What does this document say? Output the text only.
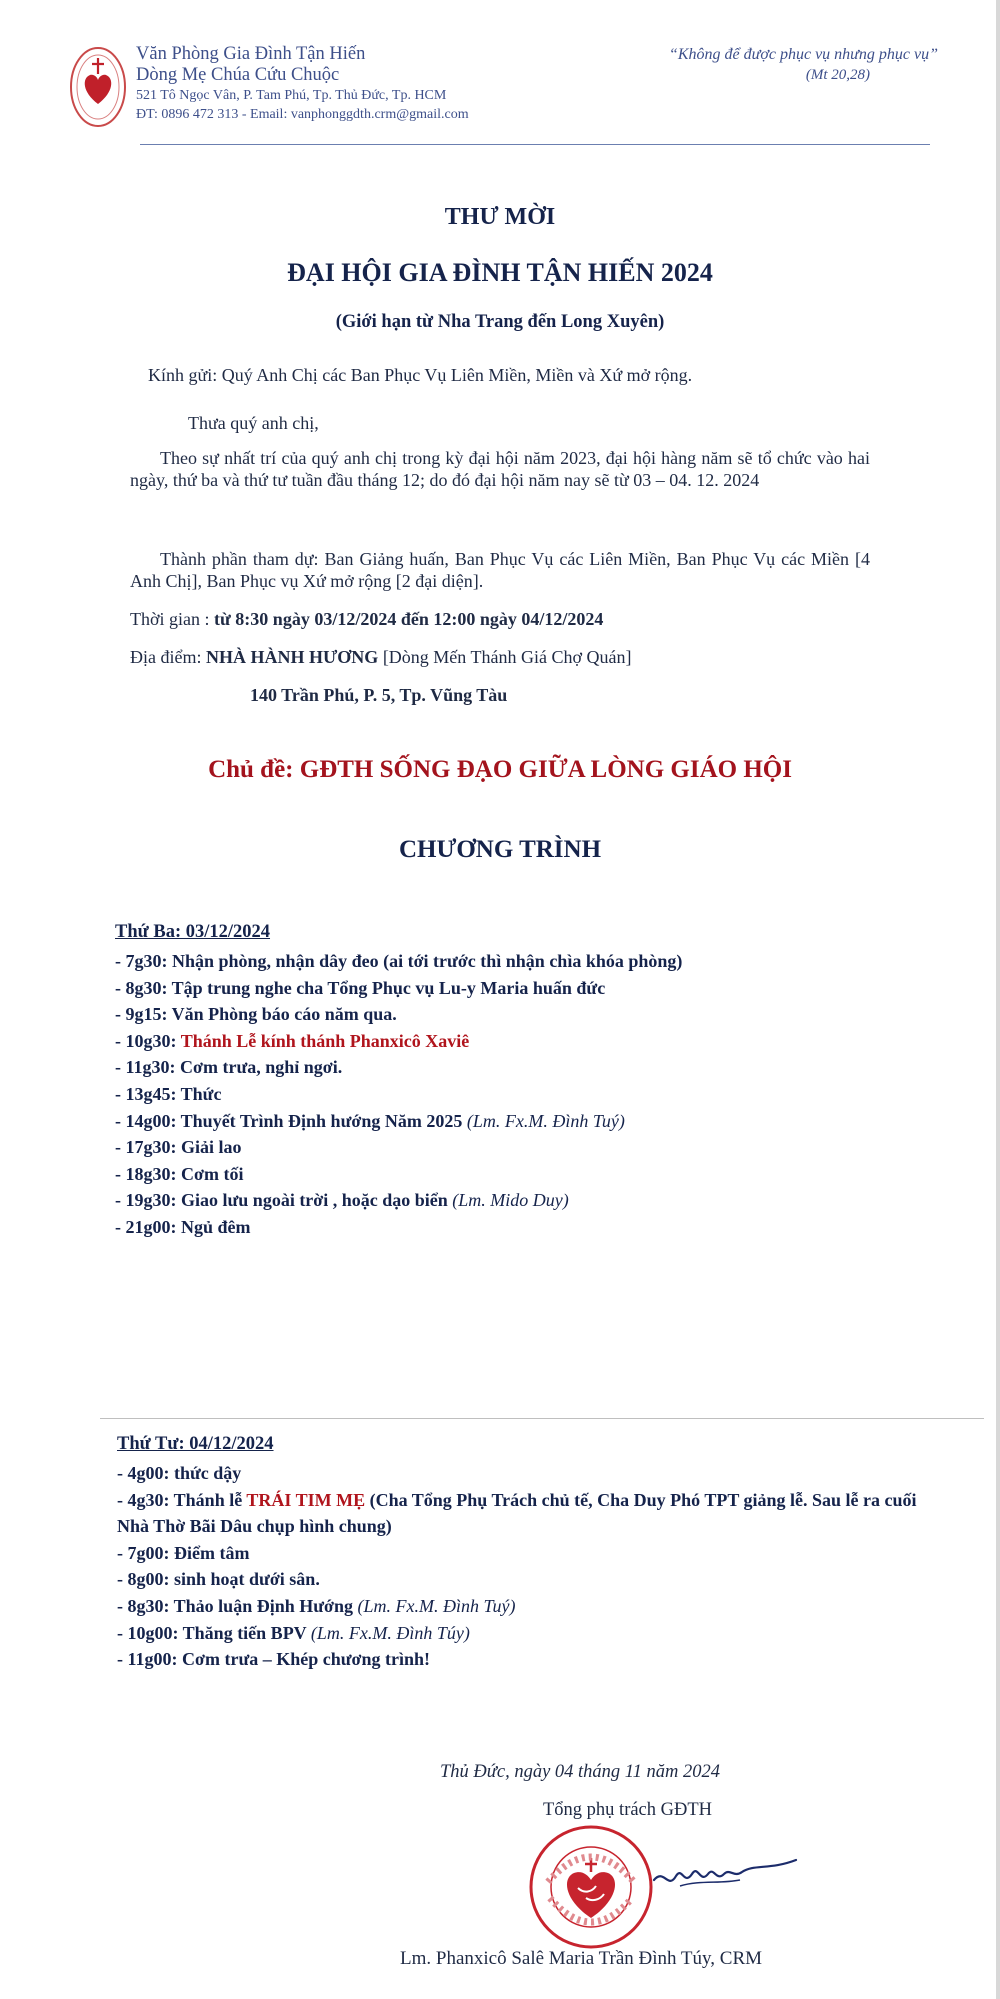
Văn Phòng Gia Đình Tận Hiến
Dòng Mẹ Chúa Cứu Chuộc
521 Tô Ngọc Vân, P. Tam Phú, Tp. Thủ Đức, Tp. HCM
ĐT: 0896 472 313 - Email: vanphonggdth.crm@gmail.com
“Không để được phục vụ nhưng phục vụ”
(Mt 20,28)
THƯ MỜI
ĐẠI HỘI GIA ĐÌNH TẬN HIẾN 2024
(Giới hạn từ Nha Trang đến Long Xuyên)
Kính gửi: Quý Anh Chị các Ban Phục Vụ Liên Miền, Miền và Xứ mở rộng.
Thưa quý anh chị,
Theo sự nhất trí của quý anh chị trong kỳ đại hội năm 2023, đại hội hàng năm sẽ tổ chức vào hai ngày, thứ ba và thứ tư tuần đầu tháng 12; do đó đại hội năm nay sẽ từ 03 – 04. 12. 2024
Thành phần tham dự: Ban Giảng huấn, Ban Phục Vụ các Liên Miền, Ban Phục Vụ các Miền [4 Anh Chị], Ban Phục vụ Xứ mở rộng [2 đại diện].
Thời gian : từ 8:30 ngày 03/12/2024 đến 12:00 ngày 04/12/2024
Địa điểm: NHÀ HÀNH HƯƠNG [Dòng Mến Thánh Giá Chợ Quán]
140 Trần Phú, P. 5, Tp. Vũng Tàu
Chủ đề: GĐTH SỐNG ĐẠO GIỮA LÒNG GIÁO HỘI
CHƯƠNG TRÌNH
Thứ Ba: 03/12/2024
- 7g30: Nhận phòng, nhận dây đeo (ai tới trước thì nhận chìa khóa phòng)
- 8g30: Tập trung nghe cha Tổng Phục vụ Lu-y Maria huấn đức
- 9g15: Văn Phòng báo cáo năm qua.
- 10g30: Thánh Lễ kính thánh Phanxicô Xaviê
- 11g30: Cơm trưa, nghỉ ngơi.
- 13g45: Thức
- 14g00: Thuyết Trình Định hướng Năm 2025 (Lm. Fx.M. Đình Tuý)
- 17g30: Giải lao
- 18g30: Cơm tối
- 19g30: Giao lưu ngoài trời , hoặc dạo biển (Lm. Mido Duy)
- 21g00: Ngủ đêm
Thứ Tư: 04/12/2024
- 4g00: thức dậy
- 4g30: Thánh lễ TRÁI TIM MẸ (Cha Tổng Phụ Trách chủ tế, Cha Duy Phó TPT giảng lễ. Sau lễ ra cuối Nhà Thờ Bãi Dâu chụp hình chung)
- 7g00: Điểm tâm
- 8g00: sinh hoạt dưới sân.
- 8g30: Thảo luận Định Hướng (Lm. Fx.M. Đình Tuý)
- 10g00: Thăng tiến BPV (Lm. Fx.M. Đình Túy)
- 11g00: Cơm trưa – Khép chương trình!
Thủ Đức, ngày 04 tháng 11 năm 2024
Tổng phụ trách GĐTH
Lm. Phanxicô Salê Maria Trần Đình Túy, CRM
